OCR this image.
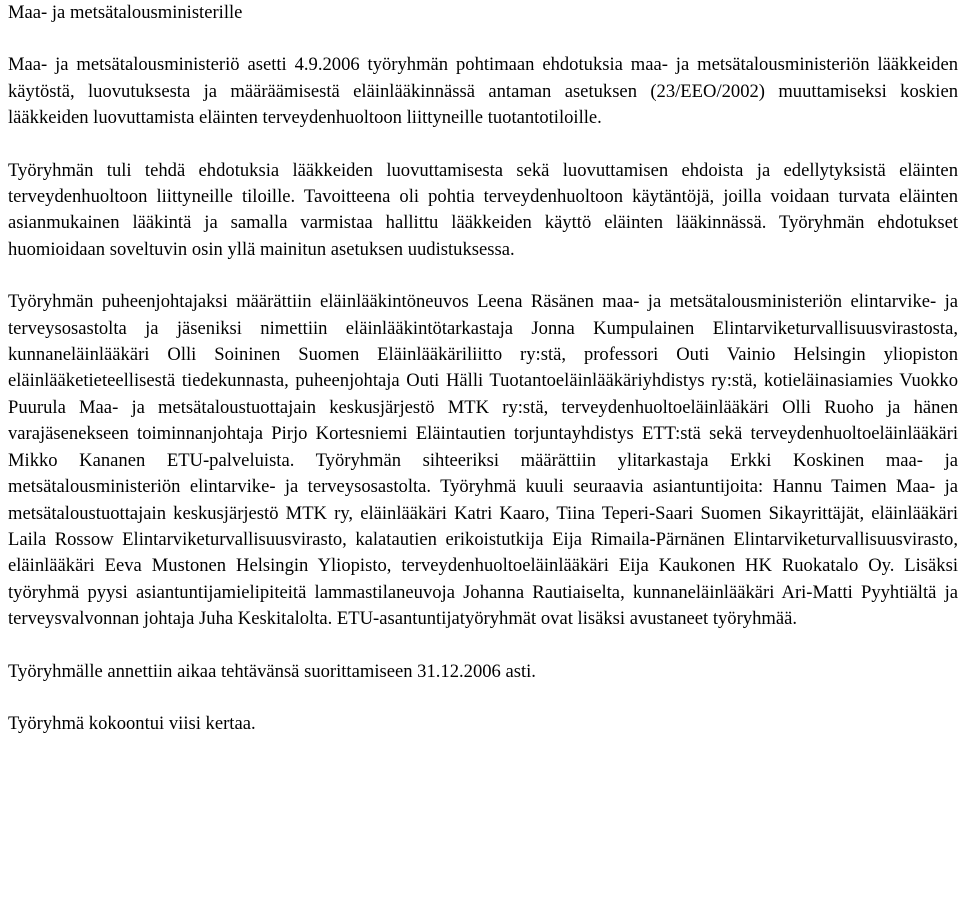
Maa- ja metsätalousministerille

Maa- ja metsätalousministeriö asetti 4.9.2006 työryhmän pohtimaan ehdotuksia maa- ja metsätalousministeriön lääkkeiden käytöstä, luovutuksesta ja määräämisestä eläinlääkinnässä antaman asetuksen (23/EEO/2002) muuttamiseksi koskien lääkkeiden luovuttamista eläinten terveydenhuoltoon liittyneille tuotantotiloille.

Työryhmän tuli tehdä ehdotuksia lääkkeiden luovuttamisesta sekä luovuttamisen ehdoista ja edellytyksistä eläinten terveydenhuoltoon liittyneille tiloille. Tavoitteena oli pohtia terveydenhuoltoon käytäntöjä, joilla voidaan turvata eläinten asianmukainen lääkintä ja samalla varmistaa hallittu lääkkeiden käyttö eläinten lääkinnässä. Työryhmän ehdotukset huomioidaan soveltuvin osin yllä mainitun asetuksen uudistuksessa.

Työryhmän puheenjohtajaksi määrättiin eläinlääkintöneuvos Leena Räsänen maa- ja metsätalousministeriön elintarvike- ja terveysosastolta ja jäseniksi nimettiin eläinlääkintötarkastaja Jonna Kumpulainen Elintarviketurvallisuusvirastosta, kunnaneläinlääkäri Olli Soininen Suomen Eläinlääkäriliitto ry:stä, professori Outi Vainio Helsingin yliopiston eläinlääketieteellisestä tiedekunnasta, puheenjohtaja Outi Hälli Tuotantoeläinlääkäriyhdistys ry:stä, kotieläinasiamies Vuokko Puurula Maa- ja metsätaloustuottajain keskusjärjestö MTK ry:stä, terveydenhuoltoeläinlääkäri Olli Ruoho ja hänen varajäsenekseen toiminnanjohtaja Pirjo Kortesniemi Eläintautien torjuntayhdistys ETT:stä sekä terveydenhuoltoeläinlääkäri Mikko Kananen ETU-palveluista. Työryhmän sihteeriksi määrättiin ylitarkastaja Erkki Koskinen maa- ja metsätalousministeriön elintarvike- ja terveysosastolta. Työryhmä kuuli seuraavia asiantuntijoita: Hannu Taimen Maa- ja metsätaloustuottajain keskusjärjestö MTK ry, eläinlääkäri Katri Kaaro, Tiina Teperi-Saari Suomen Sikayrittäjät, eläinlääkäri Laila Rossow Elintarviketurvallisuusvirasto, kalatautien erikoistutkija Eija Rimaila-Pärnänen Elintarviketurvallisuusvirasto, eläinlääkäri Eeva Mustonen Helsingin Yliopisto, terveydenhuoltoeläinlääkäri Eija Kaukonen HK Ruokatalo Oy. Lisäksi työryhmä pyysi asiantuntijamielipiteitä lammastilaneuvoja Johanna Rautiaiselta, kunnaneläinlääkäri Ari-Matti Pyyhtiältä ja terveysvalvonnan johtaja Juha Keskitalolta. ETU-asantuntijatyöryhmät ovat lisäksi avustaneet työryhmää.

Työryhmälle annettiin aikaa tehtävänsä suorittamiseen 31.12.2006 asti.

Työryhmä kokoontui viisi kertaa.
